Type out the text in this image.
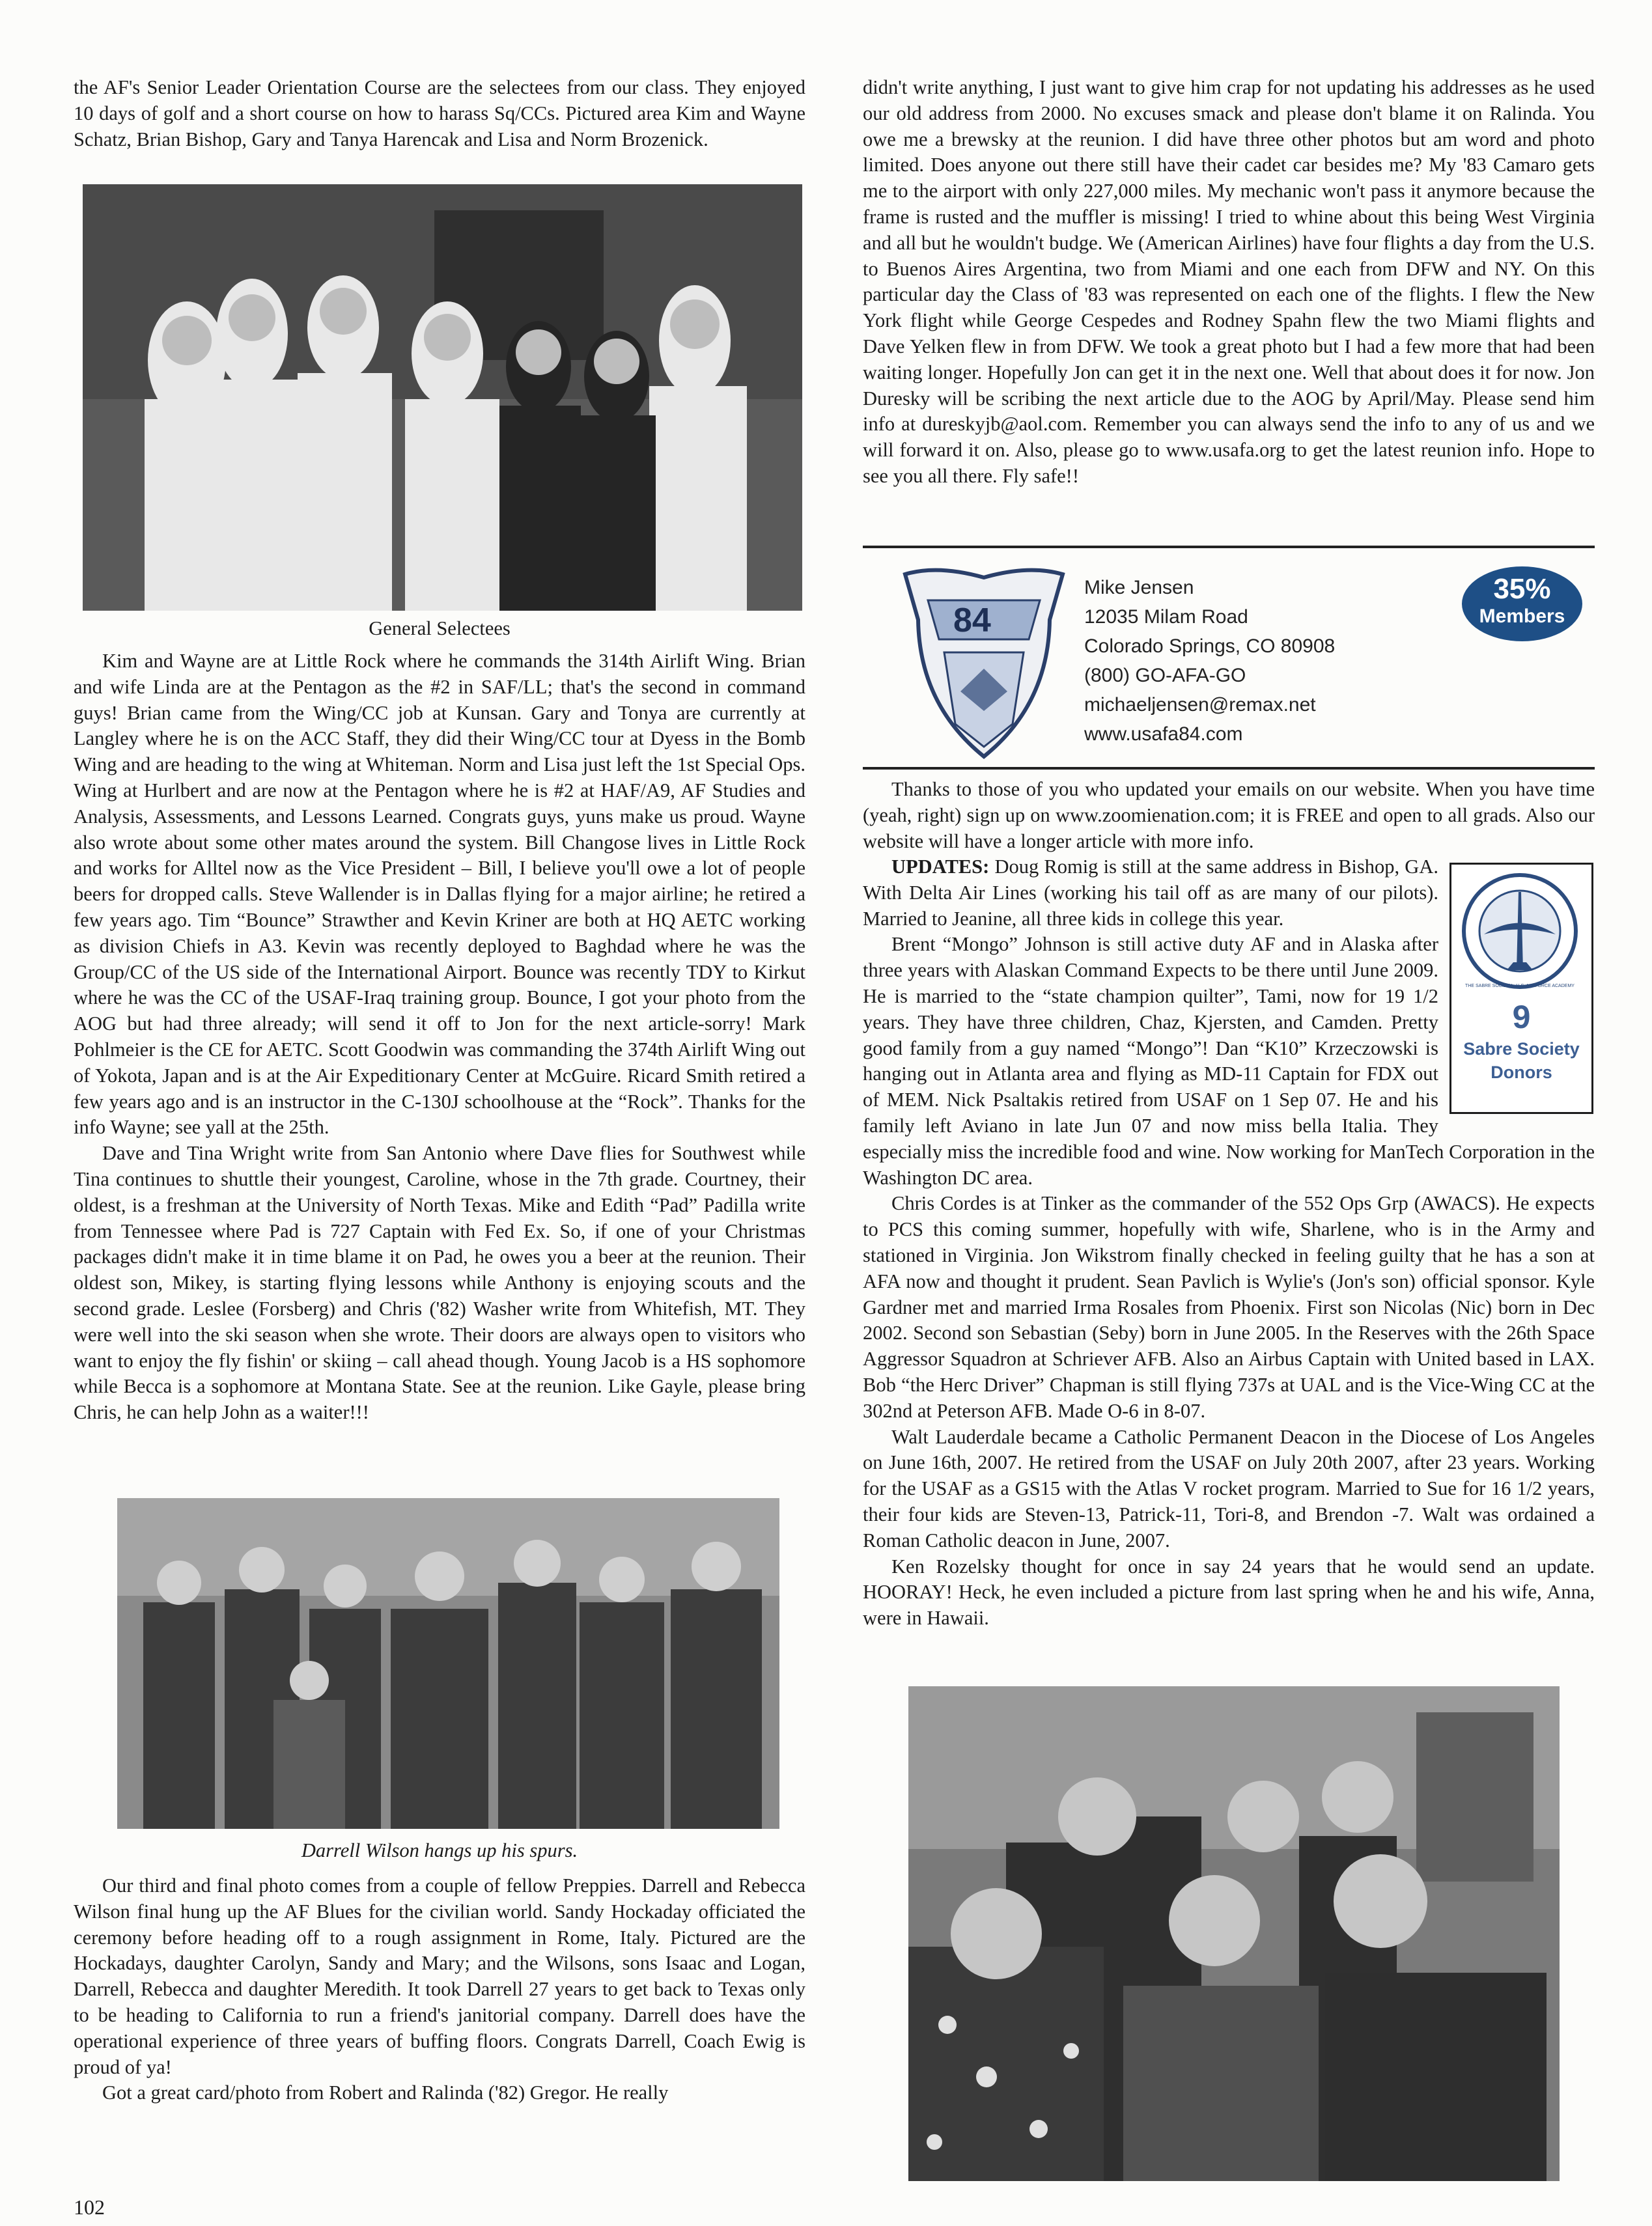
the AF's Senior Leader Orientation Course are the selectees from our class. They enjoyed 10 days of golf and a short course on how to harass Sq/CCs. Pictured area Kim and Wayne Schatz, Brian Bishop, Gary and Tanya Harencak and Lisa and Norm Brozenick.

General Selectees

Kim and Wayne are at Little Rock where he commands the 314th Airlift Wing. Brian and wife Linda are at the Pentagon as the #2 in SAF/LL; that's the second in command guys! Brian came from the Wing/CC job at Kunsan. Gary and Tonya are currently at Langley where he is on the ACC Staff, they did their Wing/CC tour at Dyess in the Bomb Wing and are heading to the wing at Whiteman. Norm and Lisa just left the 1st Special Ops. Wing at Hurlbert and are now at the Pentagon where he is #2 at HAF/A9, AF Studies and Analysis, Assessments, and Lessons Learned. Congrats guys, yuns make us proud. Wayne also wrote about some other mates around the system. Bill Changose lives in Little Rock and works for Alltel now as the Vice President – Bill, I believe you'll owe a lot of people beers for dropped calls. Steve Wallender is in Dallas flying for a major airline; he retired a few years ago. Tim “Bounce” Strawther and Kevin Kriner are both at HQ AETC working as division Chiefs in A3. Kevin was recently deployed to Baghdad where he was the Group/CC of the US side of the International Airport. Bounce was recently TDY to Kirkut where he was the CC of the USAF-Iraq training group. Bounce, I got your photo from the AOG but had three already; will send it off to Jon for the next article-sorry! Mark Pohlmeier is the CE for AETC. Scott Goodwin was commanding the 374th Airlift Wing out of Yokota, Japan and is at the Air Expeditionary Center at McGuire. Ricard Smith retired a few years ago and is an instructor in the C-130J schoolhouse at the “Rock”. Thanks for the info Wayne; see yall at the 25th.

Dave and Tina Wright write from San Antonio where Dave flies for Southwest while Tina continues to shuttle their youngest, Caroline, whose in the 7th grade. Courtney, their oldest, is a freshman at the University of North Texas. Mike and Edith “Pad” Padilla write from Tennessee where Pad is 727 Captain with Fed Ex. So, if one of your Christmas packages didn't make it in time blame it on Pad, he owes you a beer at the reunion. Their oldest son, Mikey, is starting flying lessons while Anthony is enjoying scouts and the second grade. Leslee (Forsberg) and Chris ('82) Washer write from Whitefish, MT. They were well into the ski season when she wrote. Their doors are always open to visitors who want to enjoy the fly fishin' or skiing – call ahead though. Young Jacob is a HS sophomore while Becca is a sophomore at Montana State. See at the reunion. Like Gayle, please bring Chris, he can help John as a waiter!!!

Darrell Wilson hangs up his spurs.

Our third and final photo comes from a couple of fellow Preppies. Darrell and Rebecca Wilson final hung up the AF Blues for the civilian world. Sandy Hockaday officiated the ceremony before heading off to a rough assignment in Rome, Italy. Pictured are the Hockadays, daughter Carolyn, Sandy and Mary; and the Wilsons, sons Isaac and Logan, Darrell, Rebecca and daughter Meredith. It took Darrell 27 years to get back to Texas only to be heading to California to run a friend's janitorial company. Darrell does have the operational experience of three years of buffing floors. Congrats Darrell, Coach Ewig is proud of ya!

Got a great card/photo from Robert and Ralinda ('82) Gregor. He really

102

didn't write anything, I just want to give him crap for not updating his addresses as he used our old address from 2000. No excuses smack and please don't blame it on Ralinda. You owe me a brewsky at the reunion. I did have three other photos but am word and photo limited. Does anyone out there still have their cadet car besides me? My '83 Camaro gets me to the airport with only 227,000 miles. My mechanic won't pass it anymore because the frame is rusted and the muffler is missing! I tried to whine about this being West Virginia and all but he wouldn't budge. We (American Airlines) have four flights a day from the U.S. to Buenos Aires Argentina, two from Miami and one each from DFW and NY. On this particular day the Class of '83 was represented on each one of the flights. I flew the New York flight while George Cespedes and Rodney Spahn flew the two Miami flights and Dave Yelken flew in from DFW. We took a great photo but I had a few more that had been waiting longer. Hopefully Jon can get it in the next one. Well that about does it for now. Jon Duresky will be scribing the next article due to the AOG by April/May. Please send him info at dureskyjb@aol.com. Remember you can always send the info to any of us and we will forward it on. Also, please go to www.usafa.org to get the latest reunion info. Hope to see you all there. Fly safe!!

84
Mike Jensen
12035 Milam Road
Colorado Springs, CO 80908
(800) GO-AFA-GO
michaeljensen@remax.net
www.usafa84.com
35%
Members

Thanks to those of you who updated your emails on our website. When you have time (yeah, right) sign up on www.zoomienation.com; it is FREE and open to all grads. Also our website will have a longer article with more info.

UPDATES: Doug Romig is still at the same address in Bishop, GA. With Delta Air Lines (working his tail off as are many of our pilots). Married to Jeanine, all three kids in college this year.

Brent “Mongo” Johnson is still active duty AF and in Alaska after three years with Alaskan Command Expects to be there until June 2009. He is married to the “state champion quilter”, Tami, now for 19 1/2 years. They have three children, Chaz, Kjersten, and Camden. Pretty good family from a guy named “Mongo”! Dan “K10” Krzeczowski is hanging out in Atlanta area and flying as MD-11 Captain for FDX out of MEM. Nick Psaltakis retired from USAF on 1 Sep 07. He and his family left Aviano in late Jun 07 and now miss bella Italia. They especially miss the incredible food and wine. Now working for ManTech Corporation in the Washington DC area.

Chris Cordes is at Tinker as the commander of the 552 Ops Grp (AWACS). He expects to PCS this coming summer, hopefully with wife, Sharlene, who is in the Army and stationed in Virginia. Jon Wikstrom finally checked in feeling guilty that he has a son at AFA now and thought it prudent. Sean Pavlich is Wylie's (Jon's son) official sponsor. Kyle Gardner met and married Irma Rosales from Phoenix. First son Nicolas (Nic) born in Dec 2002. Second son Sebastian (Seby) born in June 2005. In the Reserves with the 26th Space Aggressor Squadron at Schriever AFB. Also an Airbus Captain with United based in LAX. Bob “the Herc Driver” Chapman is still flying 737s at UAL and is the Vice-Wing CC at the 302nd at Peterson AFB. Made O-6 in 8-07.

Walt Lauderdale became a Catholic Permanent Deacon in the Diocese of Los Angeles on June 16th, 2007. He retired from the USAF on July 20th 2007, after 23 years. Working for the USAF as a GS15 with the Atlas V rocket program. Married to Sue for 16 1/2 years, their four kids are Steven-13, Patrick-11, Tori-8, and Brendon -7. Walt was ordained a Roman Catholic deacon in June, 2007.

Ken Rozelsky thought for once in say 24 years that he would send an update. HOORAY! Heck, he even included a picture from last spring when he and his wife, Anna, were in Hawaii.

THE SABRE SOCIETY · U.S. AIR FORCE ACADEMY
9
Sabre Society
Donors
